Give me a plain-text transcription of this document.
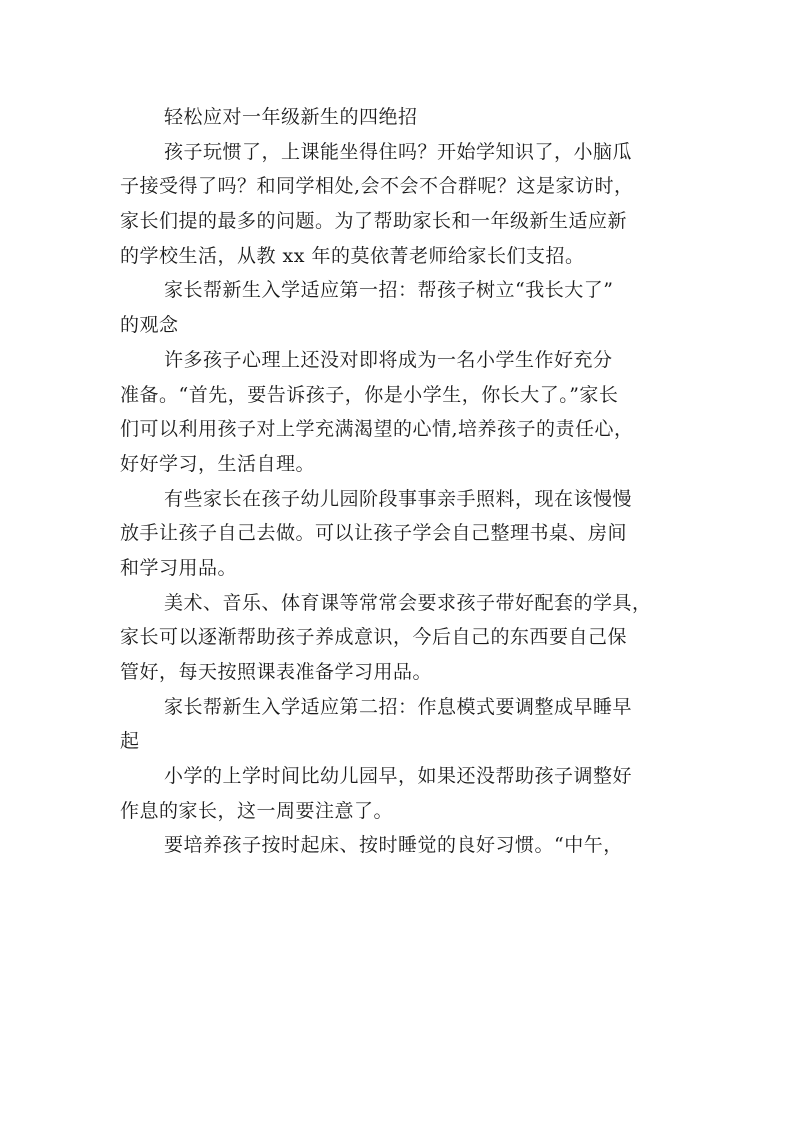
轻松应对一年级新生的四绝招
孩子玩惯了，上课能坐得住吗？开始学知识了，小脑瓜
子接受得了吗？和同学相处,会不会不合群呢？这是家访时，
家长们提的最多的问题。为了帮助家长和一年级新生适应新
的学校生活，从教 xx 年的莫依菁老师给家长们支招。
家长帮新生入学适应第一招：帮孩子树立“我长大了”
的观念
许多孩子心理上还没对即将成为一名小学生作好充分
准备。“首先，要告诉孩子，你是小学生，你长大了。”家长
们可以利用孩子对上学充满渴望的心情,培养孩子的责任心，
好好学习，生活自理。
有些家长在孩子幼儿园阶段事事亲手照料，现在该慢慢
放手让孩子自己去做。可以让孩子学会自己整理书桌、房间
和学习用品。
美术、音乐、体育课等常常会要求孩子带好配套的学具，
家长可以逐渐帮助孩子养成意识，今后自己的东西要自己保
管好，每天按照课表准备学习用品。
家长帮新生入学适应第二招：作息模式要调整成早睡早
起
小学的上学时间比幼儿园早，如果还没帮助孩子调整好
作息的家长，这一周要注意了。
要培养孩子按时起床、按时睡觉的良好习惯。“中午，
